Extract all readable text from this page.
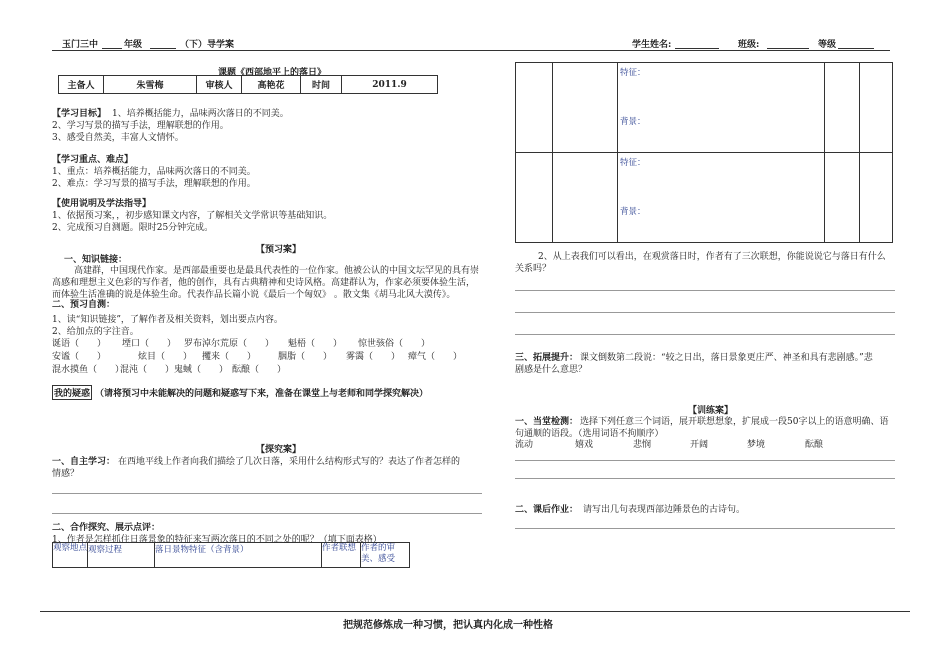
玉门三中	年级	（下）导学案	学生姓名:	班级:	等级
课题《西部地平上的落日》
主备人	朱雪梅	审核人	高艳花	时间	2011.9
【学习目标】 1、培养概括能力，品味两次落日的不同美。
2、学习写景的描写手法，理解联想的作用。
3、感受自然美，丰富人文情怀。
【学习重点、难点】
1、重点：培养概括能力，品味两次落日的不同美。
2、难点：学习写景的描写手法，理解联想的作用。
【使用说明及学法指导】
1、依据预习案，，初步感知课文内容，了解相关文学常识等基础知识。
2、完成预习自测题。限时25分钟完成。
【预习案】
一、知识链接：
高建群，中国现代作家。是西部最重要也是最具代表性的一位作家。他被公认的中国文坛罕见的具有崇
高感和理想主义色彩的写作者，他的创作，具有古典精神和史诗风格。高建群认为，作家必须要体验生活，
而体验生活准确的说是体验生命。代表作品长篇小说《最后一个匈奴》 。散文集《胡马北风大漠传》。
二、预习自测：
1、读“知识链接”，了解作者及相关资料，划出要点内容。
2、给加点的字注音。
诞语（　　） 堙口（　　） 罗布淖尔荒原（　　） 魁梧（　　） 惊世骇俗（　　）
安谧（　　）	炫目（　　） 攫来（　　） 胭脂（　　） 雾霭（　　） 瘴气（　　）
混水摸鱼（　　）
混沌（　　） 鬼蜮（　　） 酝酿（　　）
我的疑惑 （请将预习中未能解决的问题和疑惑写下来，准备在课堂上与老师和同学探究解决）
【探究案】
一、自主学习： 在西地平线上作者向我们描绘了几次日落，采用什么结构形式写的？表达了作者怎样的
情感？
二、合作探究、展示点评：
1、作者是怎样抓住日落景象的特征来写两次落日的不同之处的呢？（填下面表格）
观察地点	观察过程	落日景物特征（含背景）	作者联想	作者的审美、感受

		特征：
背景：		

		特征：
背景：		

2、从上表我们可以看出，在观赏落日时，作者有了三次联想，你能说说它与落日有什么
关系吗？
三、拓展提升： 课文倒数第二段说：“较之日出，落日景象更庄严、神圣和具有悲剧感。”悲
剧感是什么意思？
【训练案】
一、当堂检测： 选择下列任意三个词语，展开联想想象，扩展成一段50字以上的语意明确、语
句通顺的语段。（选用词语不拘顺序）
流动	嬉戏	悲悯	开阔	梦境	酝酿
二、课后作业： 请写出几句表现西部边陲景色的古诗句。
把规范修炼成一种习惯，把认真内化成一种性格
